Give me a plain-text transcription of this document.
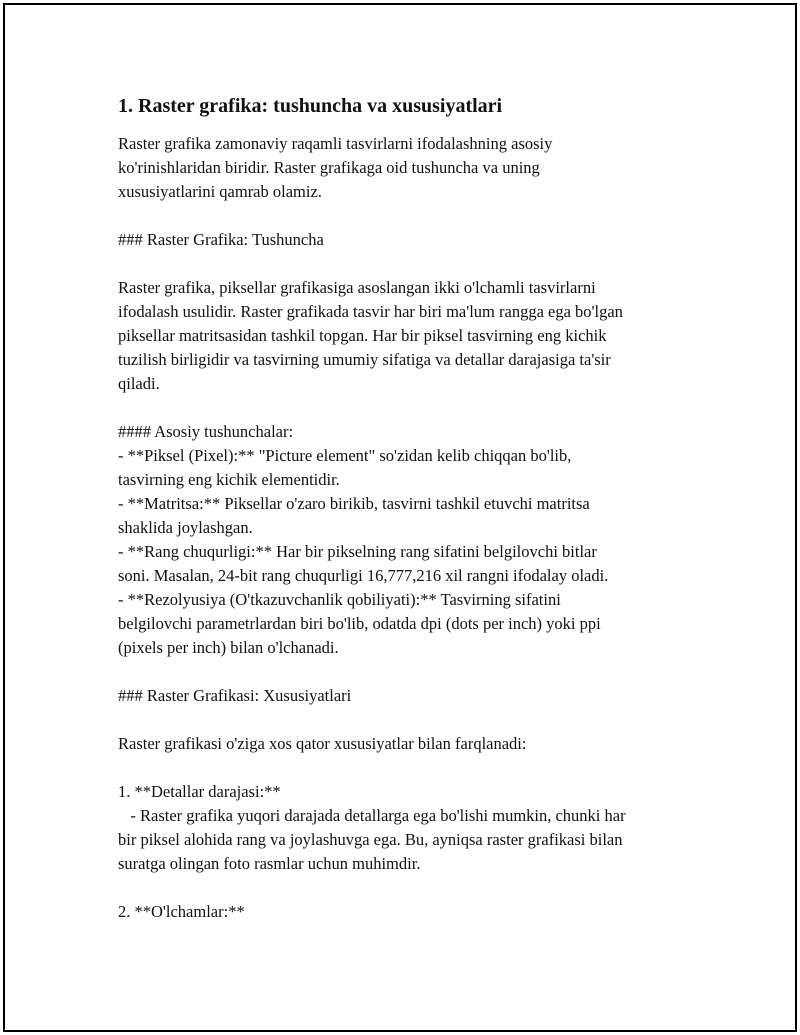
1. Raster grafika: tushuncha va xususiyatlari
Raster grafika zamonaviy raqamli tasvirlarni ifodalashning asosiy
ko'rinishlaridan biridir. Raster grafikaga oid tushuncha va uning
xususiyatlarini qamrab olamiz.
### Raster Grafika: Tushuncha
Raster grafika, piksellar grafikasiga asoslangan ikki o'lchamli tasvirlarni
ifodalash usulidir. Raster grafikada tasvir har biri ma'lum rangga ega bo'lgan
piksellar matritsasidan tashkil topgan. Har bir piksel tasvirning eng kichik
tuzilish birligidir va tasvirning umumiy sifatiga va detallar darajasiga ta'sir
qiladi.
#### Asosiy tushunchalar:
- **Piksel (Pixel):** "Picture element" so'zidan kelib chiqqan bo'lib,
tasvirning eng kichik elementidir.
- **Matritsa:** Piksellar o'zaro birikib, tasvirni tashkil etuvchi matritsa
shaklida joylashgan.
- **Rang chuqurligi:** Har bir pikselning rang sifatini belgilovchi bitlar
soni. Masalan, 24-bit rang chuqurligi 16,777,216 xil rangni ifodalay oladi.
- **Rezolyusiya (O'tkazuvchanlik qobiliyati):** Tasvirning sifatini
belgilovchi parametrlardan biri bo'lib, odatda dpi (dots per inch) yoki ppi
(pixels per inch) bilan o'lchanadi.
### Raster Grafikasi: Xususiyatlari
Raster grafikasi o'ziga xos qator xususiyatlar bilan farqlanadi:
1. **Detallar darajasi:**
- Raster grafika yuqori darajada detallarga ega bo'lishi mumkin, chunki har
bir piksel alohida rang va joylashuvga ega. Bu, ayniqsa raster grafikasi bilan
suratga olingan foto rasmlar uchun muhimdir.
2. **O'lchamlar:**
